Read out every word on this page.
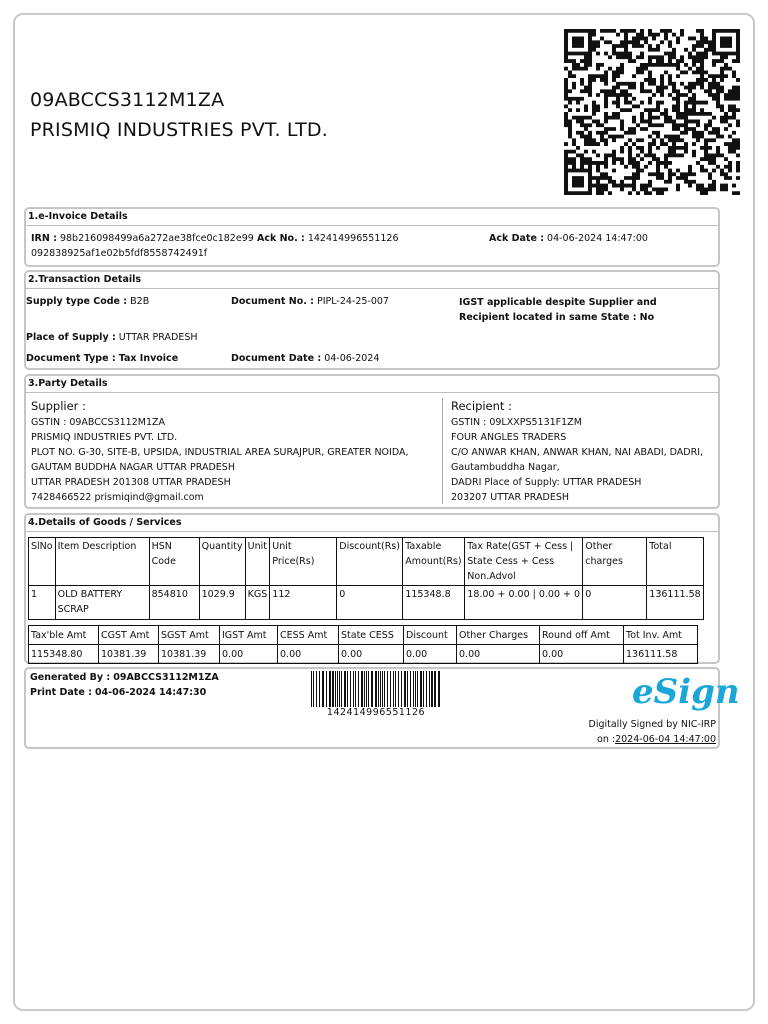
09ABCCS3112M1ZA
PRISMIQ INDUSTRIES PVT. LTD.
1.e-Invoice Details
IRN : 98b216098499a6a272ae38fce0c182e99
092838925af1e02b5fdf8558742491f
Ack No. : 142414996551126	Ack Date : 04-06-2024 14:47:00
2.Transaction Details
Supply type Code : B2B	Document No. : PIPL-24-25-007	IGST applicable despite Supplier and
Recipient located in same State : No
Place of Supply : UTTAR PRADESH
Document Type : Tax Invoice	Document Date : 04-06-2024
3.Party Details
Supplier :
GSTIN : 09ABCCS3112M1ZA
PRISMIQ INDUSTRIES PVT. LTD.
PLOT NO. G-30, SITE-B, UPSIDA, INDUSTRIAL AREA SURAJPUR, GREATER NOIDA,
GAUTAM BUDDHA NAGAR UTTAR PRADESH
UTTAR PRADESH 201308 UTTAR PRADESH
7428466522 prismiqind@gmail.com
Recipient :
GSTIN : 09LXXPS5131F1ZM
FOUR ANGLES TRADERS
C/O ANWAR KHAN, ANWAR KHAN, NAI ABADI, DADRI,
Gautambuddha Nagar,
DADRI Place of Supply: UTTAR PRADESH
203207 UTTAR PRADESH
4.Details of Goods / Services
SlNo	Item Description	HSN Code	Quantity	Unit	Unit Price(Rs)	Discount(Rs)	Taxable Amount(Rs)	Tax Rate(GST + Cess | State Cess + Cess Non.Advol	Other charges	Total
1	OLD BATTERY SCRAP	854810	1029.9	KGS	112	0	115348.8	18.00 + 0.00 | 0.00 + 0	0	136111.58
Tax'ble Amt	CGST Amt	SGST Amt	IGST Amt	CESS Amt	State CESS	Discount	Other Charges	Round off Amt	Tot Inv. Amt
115348.80	10381.39	10381.39	0.00	0.00	0.00	0.00	0.00	0.00	136111.58
Generated By : 09ABCCS3112M1ZA
Print Date : 04-06-2024 14:47:30
142414996551126
eSign
Digitally Signed by NIC-IRP
on :2024-06-04 14:47:00
